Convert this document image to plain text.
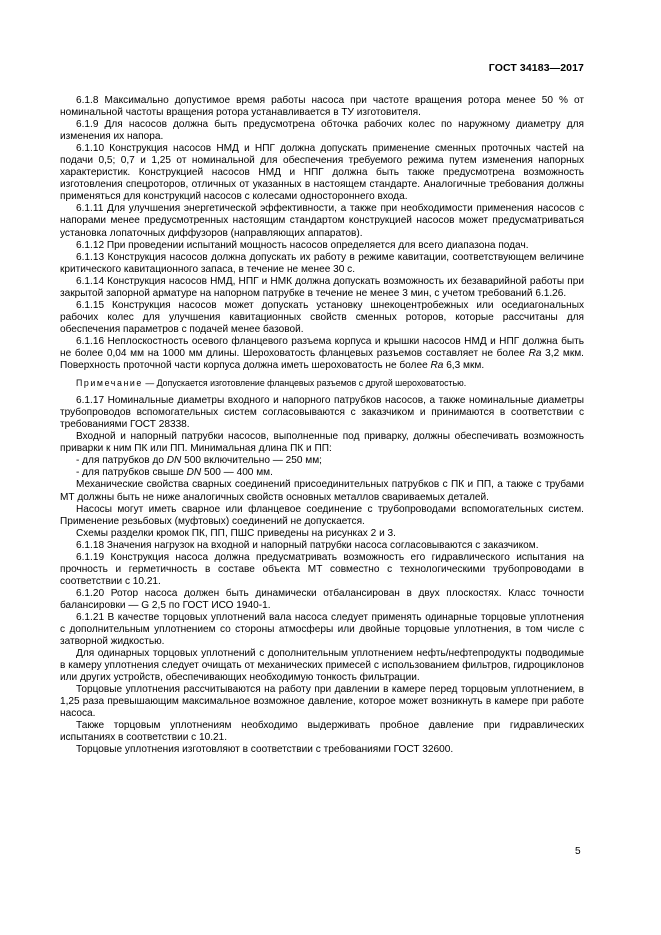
ГОСТ 34183—2017

6.1.8 Максимально допустимое время работы насоса при частоте вращения ротора менее 50 % от номинальной частоты вращения ротора устанавливается в ТУ изготовителя.

6.1.9 Для насосов должна быть предусмотрена обточка рабочих колес по наружному диаметру для изменения их напора.

6.1.10 Конструкция насосов НМД и НПГ должна допускать применение сменных проточных частей на подачи 0,5; 0,7 и 1,25 от номинальной для обеспечения требуемого режима путем изменения напорных характеристик. Конструкцией насосов НМД и НПГ должна быть также предусмотрена возможность изготовления спецроторов, отличных от указанных в настоящем стандарте. Аналогичные требования должны применяться для конструкций насосов с колесами одностороннего входа.

6.1.11 Для улучшения энергетической эффективности, а также при необходимости применения насосов с напорами менее предусмотренных настоящим стандартом конструкцией насосов может предусматриваться установка лопаточных диффузоров (направляющих аппаратов).

6.1.12 При проведении испытаний мощность насосов определяется для всего диапазона подач.

6.1.13 Конструкция насосов должна допускать их работу в режиме кавитации, соответствующем величине критического кавитационного запаса, в течение не менее 30 с.

6.1.14 Конструкция насосов НМД, НПГ и НМК должна допускать возможность их безаварийной работы при закрытой запорной арматуре на напорном патрубке в течение не менее 3 мин, с учетом требований 6.1.26.

6.1.15 Конструкция насосов может допускать установку шнекоцентробежных или оседиагональных рабочих колес для улучшения кавитационных свойств сменных роторов, которые рассчитаны для обеспечения параметров с подачей менее базовой.

6.1.16 Неплоскостность осевого фланцевого разъема корпуса и крышки насосов НМД и НПГ должна быть не более 0,04 мм на 1000 мм длины. Шероховатость фланцевых разъемов составляет не более Ra 3,2 мкм. Поверхность проточной части корпуса должна иметь шероховатость не более Ra 6,3 мкм.

Примечание — Допускается изготовление фланцевых разъемов с другой шероховатостью.

6.1.17 Номинальные диаметры входного и напорного патрубков насосов, а также номинальные диаметры трубопроводов вспомогательных систем согласовываются с заказчиком и принимаются в соответствии с требованиями ГОСТ 28338.

Входной и напорный патрубки насосов, выполненные под приварку, должны обеспечивать возможность приварки к ним ПК или ПП. Минимальная длина ПК и ПП:

- для патрубков до DN 500 включительно — 250 мм;

- для патрубков свыше DN 500 — 400 мм.

Механические свойства сварных соединений присоединительных патрубков с ПК и ПП, а также с трубами МТ должны быть не ниже аналогичных свойств основных металлов свариваемых деталей.

Насосы могут иметь сварное или фланцевое соединение с трубопроводами вспомогательных систем. Применение резьбовых (муфтовых) соединений не допускается.

Схемы разделки кромок ПК, ПП, ПШС приведены на рисунках 2 и 3.

6.1.18 Значения нагрузок на входной и напорный патрубки насоса согласовываются с заказчиком.

6.1.19 Конструкция насоса должна предусматривать возможность его гидравлического испытания на прочность и герметичность в составе объекта МТ совместно с технологическими трубопроводами в соответствии с 10.21.

6.1.20 Ротор насоса должен быть динамически отбалансирован в двух плоскостях. Класс точности балансировки — G 2,5 по ГОСТ ИСО 1940-1.

6.1.21 В качестве торцовых уплотнений вала насоса следует применять одинарные торцовые уплотнения с дополнительным уплотнением со стороны атмосферы или двойные торцовые уплотнения, в том числе с затворной жидкостью.

Для одинарных торцовых уплотнений с дополнительным уплотнением нефть/нефтепродукты подводимые в камеру уплотнения следует очищать от механических примесей с использованием фильтров, гидроциклонов или других устройств, обеспечивающих необходимую тонкость фильтрации.

Торцовые уплотнения рассчитываются на работу при давлении в камере перед торцовым уплотнением, в 1,25 раза превышающим максимальное возможное давление, которое может возникнуть в камере при работе насоса.

Также торцовым уплотнениям необходимо выдерживать пробное давление при гидравлических испытаниях в соответствии с 10.21.

Торцовые уплотнения изготовляют в соответствии с требованиями ГОСТ 32600.

5
